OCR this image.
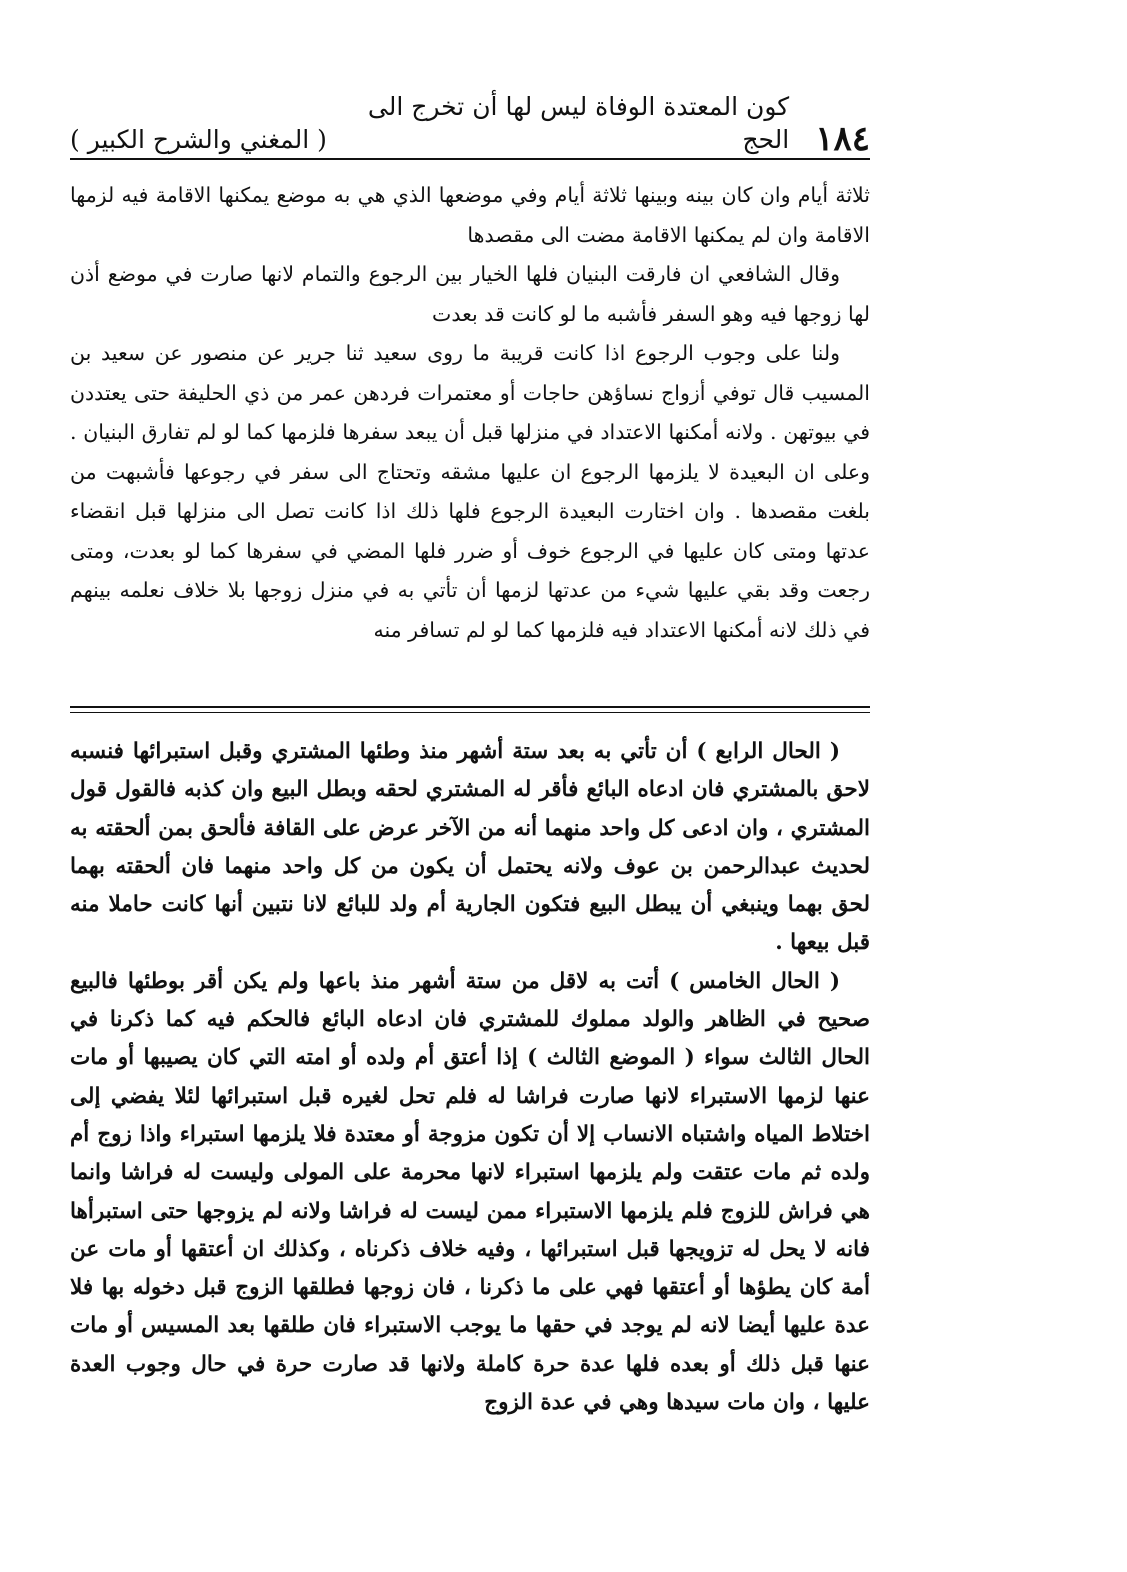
١٨٤
كون المعتدة الوفاة ليس لها أن تخرج الى الحج
( المغني والشرح الكبير )

ثلاثة أيام وان كان بينه وبينها ثلاثة أيام وفي موضعها الذي هي به موضع يمكنها الاقامة فيه لزمها الاقامة وان لم يمكنها الاقامة مضت الى مقصدها

وقال الشافعي ان فارقت البنيان فلها الخيار بين الرجوع والتمام لانها صارت في موضع أذن لها زوجها فيه وهو السفر فأشبه ما لو كانت قد بعدت

ولنا على وجوب الرجوع اذا كانت قريبة ما روى سعيد ثنا جرير عن منصور عن سعيد بن المسيب قال توفي أزواج نساؤهن حاجات أو معتمرات فردهن عمر من ذي الحليفة حتى يعتددن في بيوتهن . ولانه أمكنها الاعتداد في منزلها قبل أن يبعد سفرها فلزمها كما لو لم تفارق البنيان . وعلى ان البعيدة لا يلزمها الرجوع ان عليها مشقه وتحتاج الى سفر في رجوعها فأشبهت من بلغت مقصدها . وان اختارت البعيدة الرجوع فلها ذلك اذا كانت تصل الى منزلها قبل انقضاء عدتها ومتى كان عليها في الرجوع خوف أو ضرر فلها المضي في سفرها كما لو بعدت، ومتى رجعت وقد بقي عليها شيء من عدتها لزمها أن تأتي به في منزل زوجها بلا خلاف نعلمه بينهم في ذلك لانه أمكنها الاعتداد فيه فلزمها كما لو لم تسافر منه

( الحال الرابع ) أن تأتي به بعد ستة أشهر منذ وطئها المشتري وقبل استبرائها فنسبه لاحق بالمشتري فان ادعاه البائع فأقر له المشتري لحقه وبطل البيع وان كذبه فالقول قول المشتري ، وان ادعى كل واحد منهما أنه من الآخر عرض على القافة فألحق بمن ألحقته به لحديث عبدالرحمن بن عوف ولانه يحتمل أن يكون من كل واحد منهما فان ألحقته بهما لحق بهما وينبغي أن يبطل البيع فتكون الجارية أم ولد للبائع لانا نتبين أنها كانت حاملا منه قبل بيعها .

( الحال الخامس ) أتت به لاقل من ستة أشهر منذ باعها ولم يكن أقر بوطئها فالبيع صحيح في الظاهر والولد مملوك للمشتري فان ادعاه البائع فالحكم فيه كما ذكرنا في الحال الثالث سواء ( الموضع الثالث ) إذا أعتق أم ولده أو امته التي كان يصيبها أو مات عنها لزمها الاستبراء لانها صارت فراشا له فلم تحل لغيره قبل استبرائها لئلا يفضي إلى اختلاط المياه واشتباه الانساب إلا أن تكون مزوجة أو معتدة فلا يلزمها استبراء واذا زوج أم ولده ثم مات عتقت ولم يلزمها استبراء لانها محرمة على المولى وليست له فراشا وانما هي فراش للزوج فلم يلزمها الاستبراء ممن ليست له فراشا ولانه لم يزوجها حتى استبرأها فانه لا يحل له تزويجها قبل استبرائها ، وفيه خلاف ذكرناه ، وكذلك ان أعتقها أو مات عن أمة كان يطؤها أو أعتقها فهي على ما ذكرنا ، فان زوجها فطلقها الزوج قبل دخوله بها فلا عدة عليها أيضا لانه لم يوجد في حقها ما يوجب الاستبراء فان طلقها بعد المسيس أو مات عنها قبل ذلك أو بعده فلها عدة حرة كاملة ولانها قد صارت حرة في حال وجوب العدة عليها ، وان مات سيدها وهي في عدة الزوج
